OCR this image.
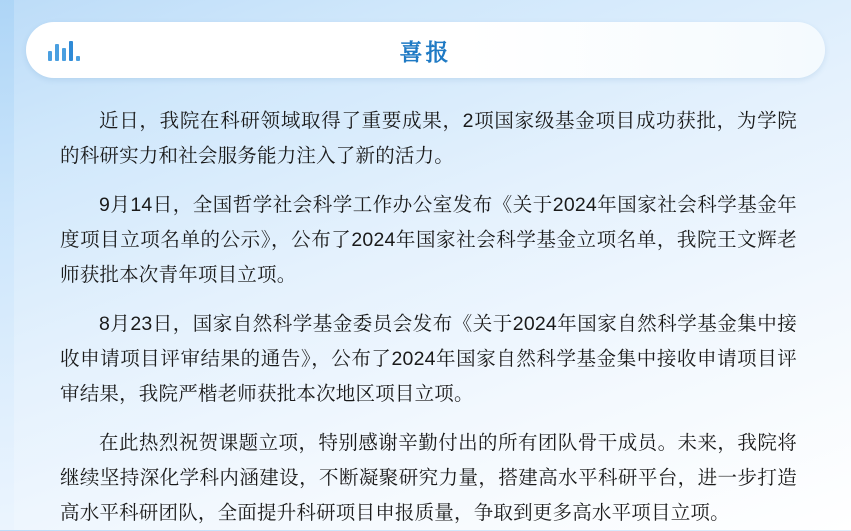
喜报

近日，我院在科研领域取得了重要成果，2项国家级基金项目成功获批，为学院的科研实力和社会服务能力注入了新的活力。

9月14日，全国哲学社会科学工作办公室发布《关于2024年国家社会科学基金年度项目立项名单的公示》，公布了2024年国家社会科学基金立项名单，我院王文辉老师获批本次青年项目立项。

8月23日，国家自然科学基金委员会发布《关于2024年国家自然科学基金集中接收申请项目评审结果的通告》，公布了2024年国家自然科学基金集中接收申请项目评审结果，我院严楷老师获批本次地区项目立项。

在此热烈祝贺课题立项，特别感谢辛勤付出的所有团队骨干成员。未来，我院将继续坚持深化学科内涵建设，不断凝聚研究力量，搭建高水平科研平台，进一步打造高水平科研团队，全面提升科研项目申报质量，争取到更多高水平项目立项。
